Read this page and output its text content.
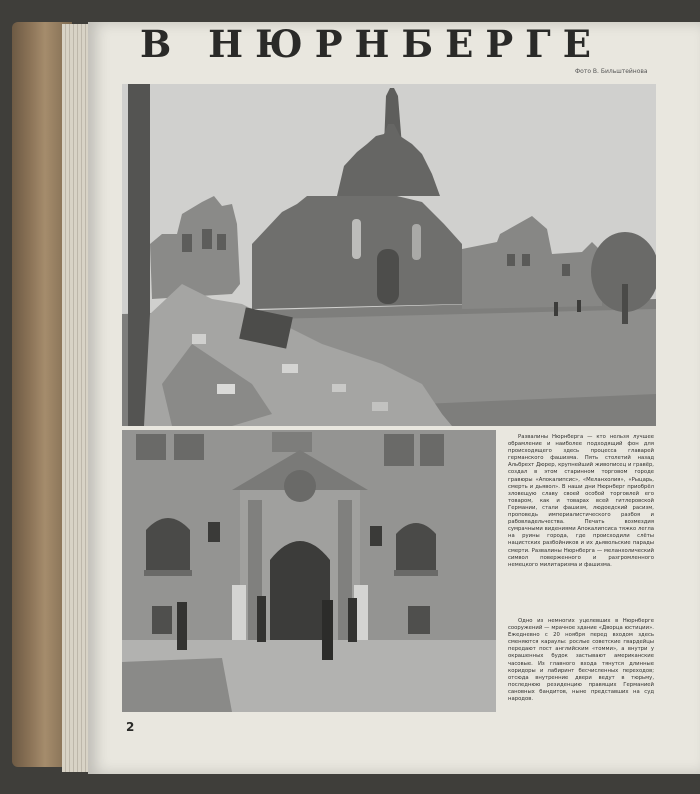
В НЮРНБЕРГЕ
Фото В. Бильштейнова

Развалины Нюрнберга — кто нельзя лучшее обрамление и наиболее подходящий фон для происходящего здесь процесса главарей германского фашизма. Пять столетий назад Альбрехт Дюрер, крупнейший живописец и гравёр, создал в этом старинном торговом городе гравюры «Апокалипсис», «Меланхолия», «Рыцарь, смерть и дьявол». В наши дни Нюрнберг приобрёл зловещую славу своей особой торговлей его товаром, как и товарах всей гитлеровской Германии, стали фашизм, людоедский расизм, проповедь империалистического разбоя и рабовладельчества. Печать возмездия сумрачными видениями Апокалипсиса тяжко легла на руины города, где происходили слёты нацистских разбойников и их дьявольские парады смерти. Развалины Нюрнберга — меланхолический символ поверженного и разгромленного немецкого милитаризма и фашизма.

Одно из немногих уцелевших в Нюрнберге сооружений — мрачное здание «Дворца юстиции». Ежедневно с 20 ноября перед входом здесь сменяются караулы: рослые советские гвардейцы передают пост английским «томми», а внутри у окрашенных будок застывают американские часовые. Из главного входа тянутся длинные коридоры и лабиринт бесчисленных переходов; отсюда внутренние двери ведут в тюрьму, последнюю резиденцию правящих Германией сановных бандитов, ныне представших на суд народов.

2
